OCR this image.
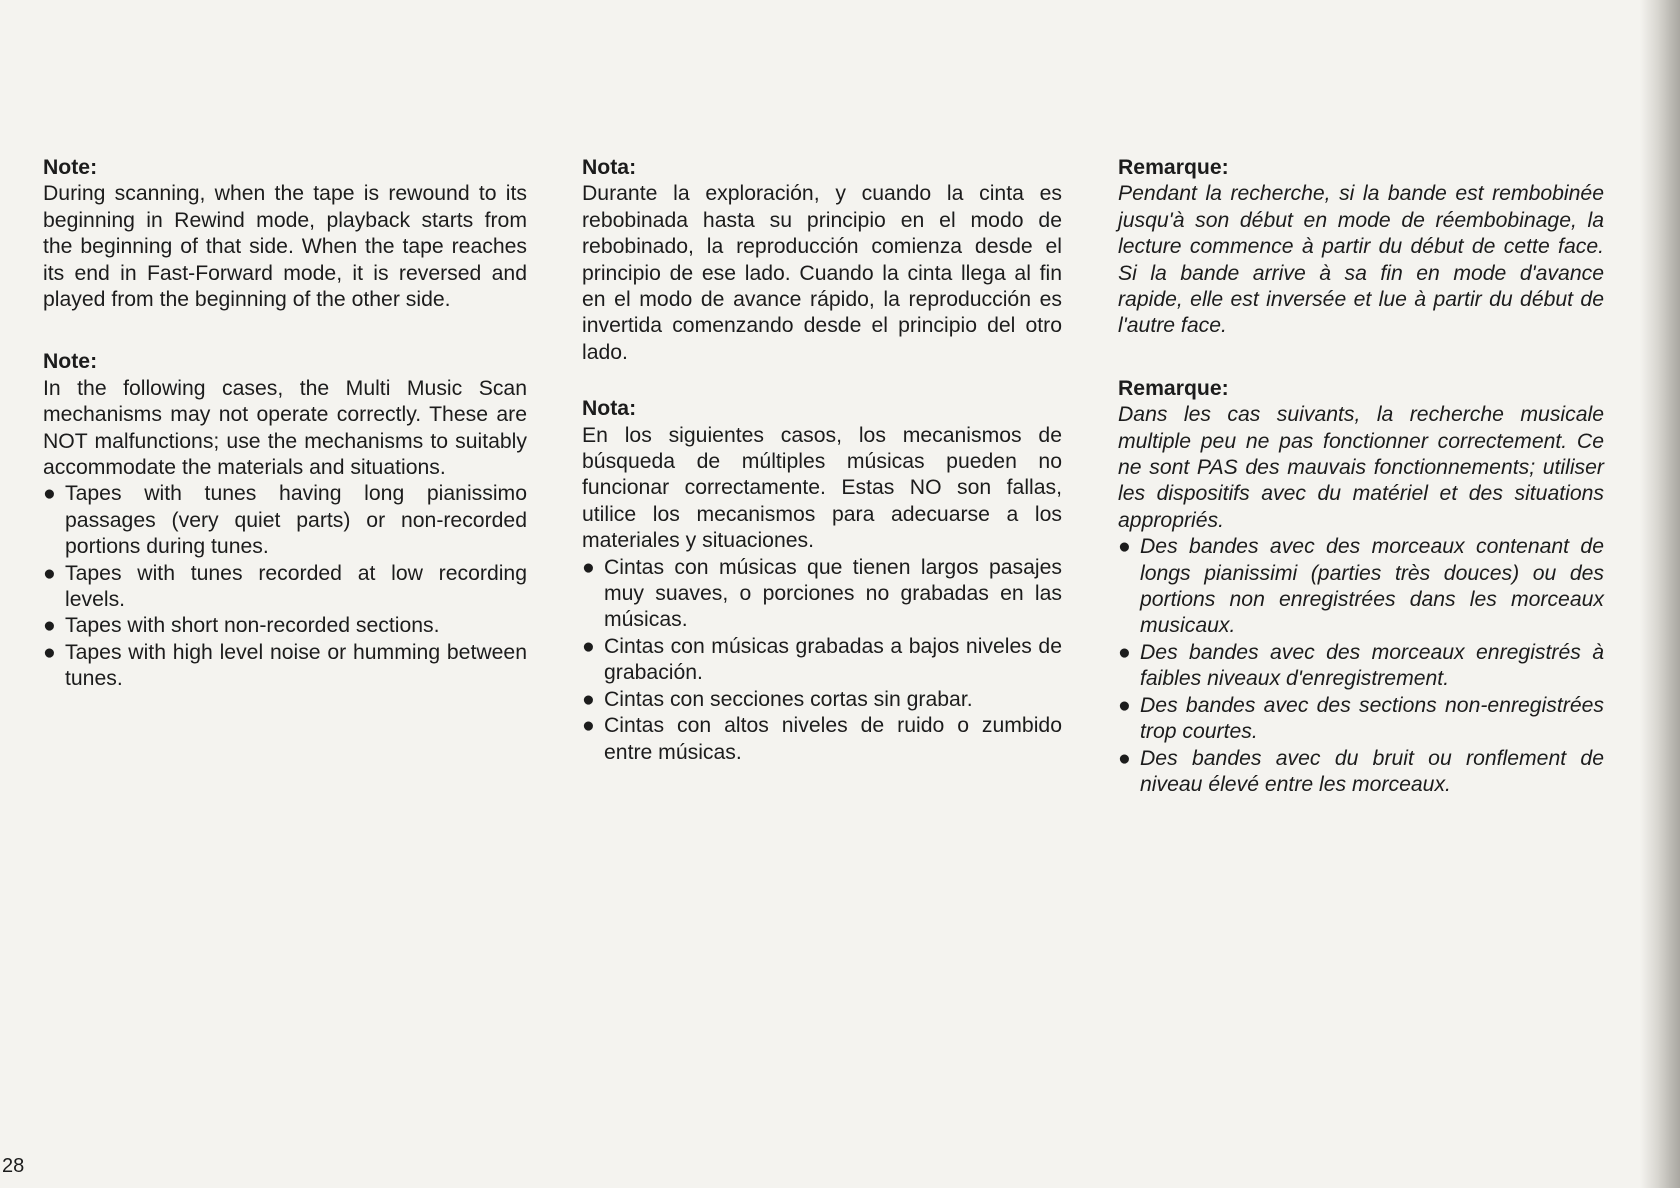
Note:

During scanning, when the tape is rewound to its beginning in Rewind mode, playback starts from the beginning of that side. When the tape reaches its end in Fast-Forward mode, it is reversed and played from the beginning of the other side.

Note:

In the following cases, the Multi Music Scan mechanisms may not operate correctly. These are NOT malfunctions; use the mechanisms to suitably accommodate the materials and situations.

● Tapes with tunes having long pianissimo passages (very quiet parts) or non-recorded portions during tunes.
● Tapes with tunes recorded at low recording levels.
● Tapes with short non-recorded sections.
● Tapes with high level noise or humming between tunes.

Nota:

Durante la exploración, y cuando la cinta es rebobinada hasta su principio en el modo de rebobinado, la reproducción comienza desde el principio de ese lado. Cuando la cinta llega al fin en el modo de avance rápido, la reproducción es invertida comenzando desde el principio del otro lado.

Nota:

En los siguientes casos, los mecanismos de búsqueda de múltiples músicas pueden no funcionar correctamente. Estas NO son fallas, utilice los mecanismos para adecuarse a los materiales y situaciones.

● Cintas con músicas que tienen largos pasajes muy suaves, o porciones no grabadas en las músicas.
● Cintas con músicas grabadas a bajos niveles de grabación.
● Cintas con secciones cortas sin grabar.
● Cintas con altos niveles de ruido o zumbido entre músicas.

Remarque:

Pendant la recherche, si la bande est rembobinée jusqu'à son début en mode de réembobinage, la lecture commence à partir du début de cette face. Si la bande arrive à sa fin en mode d'avance rapide, elle est inversée et lue à partir du début de l'autre face.

Remarque:

Dans les cas suivants, la recherche musicale multiple peu ne pas fonctionner correctement. Ce ne sont PAS des mauvais fonctionnements; utiliser les dispositifs avec du matériel et des situations appropriés.

● Des bandes avec des morceaux contenant de longs pianissimi (parties très douces) ou des portions non enregistrées dans les morceaux musicaux.
● Des bandes avec des morceaux enregistrés à faibles niveaux d'enregistrement.
● Des bandes avec des sections non-enregistrées trop courtes.
● Des bandes avec du bruit ou ronflement de niveau élevé entre les morceaux.
28
